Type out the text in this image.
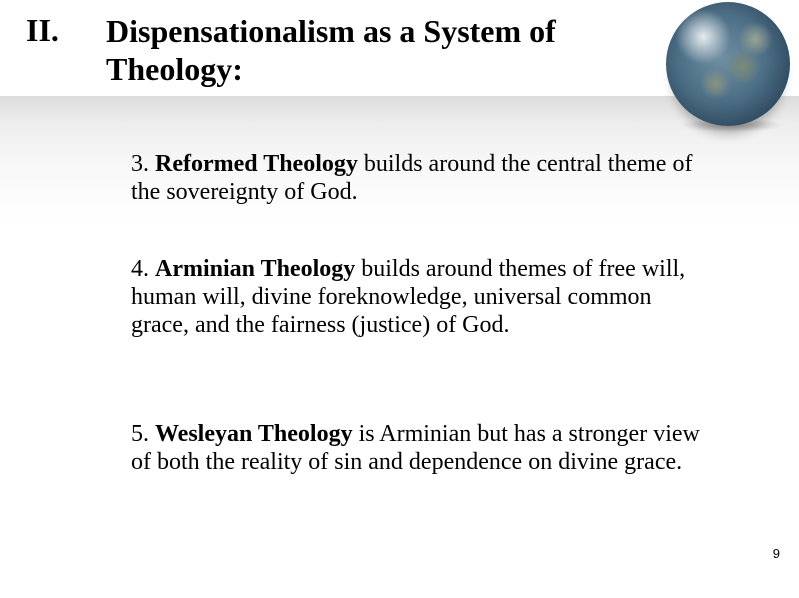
II. Dispensationalism as a System of Theology:
3. Reformed Theology builds around the central theme of the sovereignty of God.
4. Arminian Theology builds around themes of free will, human will, divine foreknowledge, universal common grace, and the fairness (justice) of God.
5. Wesleyan Theology is Arminian but has a stronger view of both the reality of sin and dependence on divine grace.
9
